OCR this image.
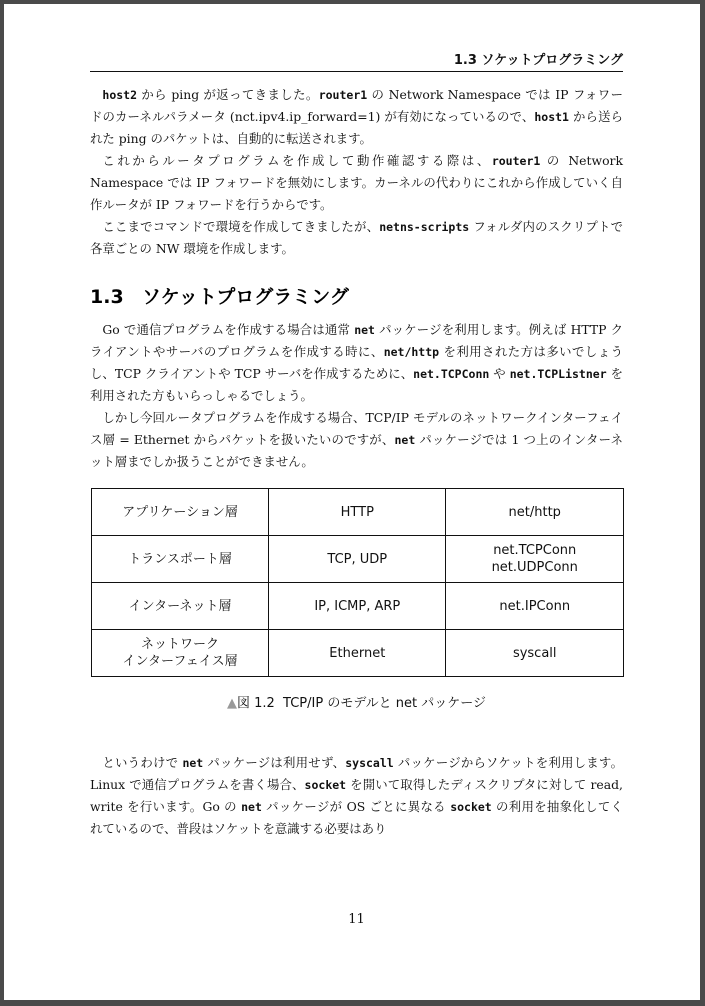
1.3 ソケットプログラミング

host2 から ping が返ってきました。router1 の Network Namespace では IP フォワードのカーネルパラメータ (nct.ipv4.ip_forward=1) が有効になっているので、host1 から送られた ping のパケットは、自動的に転送されます。

これからルータプログラムを作成して動作確認する際は、router1 の Network Namespace では IP フォワードを無効にします。カーネルの代わりにこれから作成していく自作ルータが IP フォワードを行うからです。

ここまでコマンドで環境を作成してきましたが、netns-scripts フォルダ内のスクリプトで各章ごとの NW 環境を作成します。

1.3 ソケットプログラミング

Go で通信プログラムを作成する場合は通常 net パッケージを利用します。例えば HTTP クライアントやサーバのプログラムを作成する時に、net/http を利用された方は多いでしょうし、TCP クライアントや TCP サーバを作成するために、net.TCPConn や net.TCPListner を利用された方もいらっしゃるでしょう。

しかし今回ルータプログラムを作成する場合、TCP/IP モデルのネットワークインターフェイス層 = Ethernet からパケットを扱いたいのですが、net パッケージでは 1 つ上のインターネット層までしか扱うことができません。

アプリケーション層	HTTP	net/http
トランスポート層	TCP, UDP	net.TCPConn
net.UDPConn
インターネット層	IP, ICMP, ARP	net.IPConn
ネットワーク
インターフェイス層	Ethernet	syscall
▲図 1.2 TCP/IP のモデルと net パッケージ

というわけで net パッケージは利用せず、syscall パッケージからソケットを利用します。Linux で通信プログラムを書く場合、socket を開いて取得したディスクリプタに対して read, write を行います。Go の net パッケージが OS ごとに異なる socket の利用を抽象化してくれているので、普段はソケットを意識する必要はあり

11
